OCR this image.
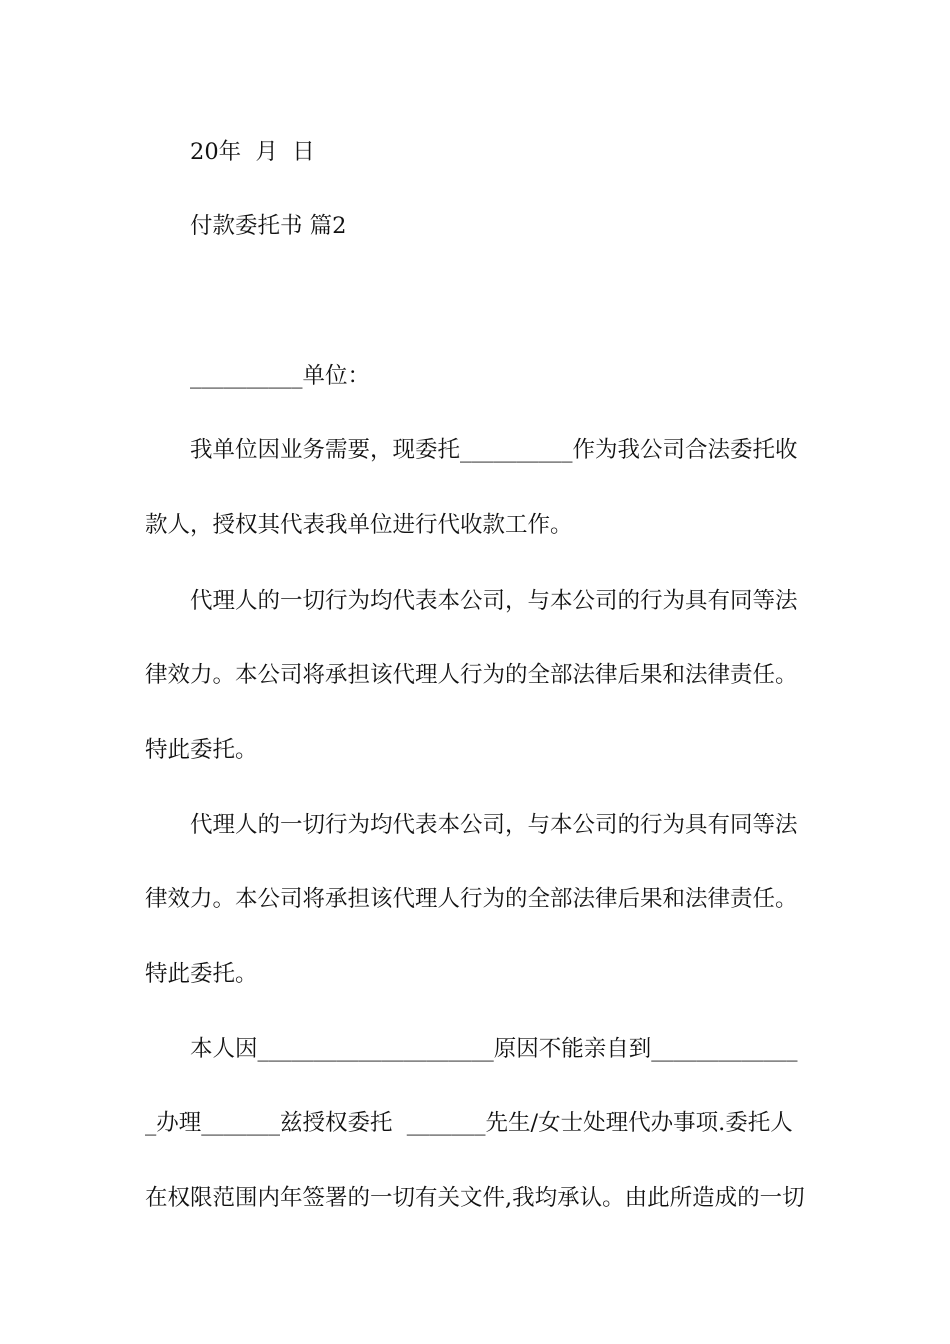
20年  月  日
付款委托书 篇2
__________单位：
我单位因业务需要，现委托__________作为我公司合法委托收
款人，授权其代表我单位进行代收款工作。
代理人的一切行为均代表本公司，与本公司的行为具有同等法
律效力。本公司将承担该代理人行为的全部法律后果和法律责任。
特此委托。
代理人的一切行为均代表本公司，与本公司的行为具有同等法
律效力。本公司将承担该代理人行为的全部法律后果和法律责任。
特此委托。
本人因_____________________原因不能亲自到_____________
_办理_______兹授权委托  _______先生/女士处理代办事项.委托人
在权限范围内年签署的一切有关文件,我均承认。由此所造成的一切
